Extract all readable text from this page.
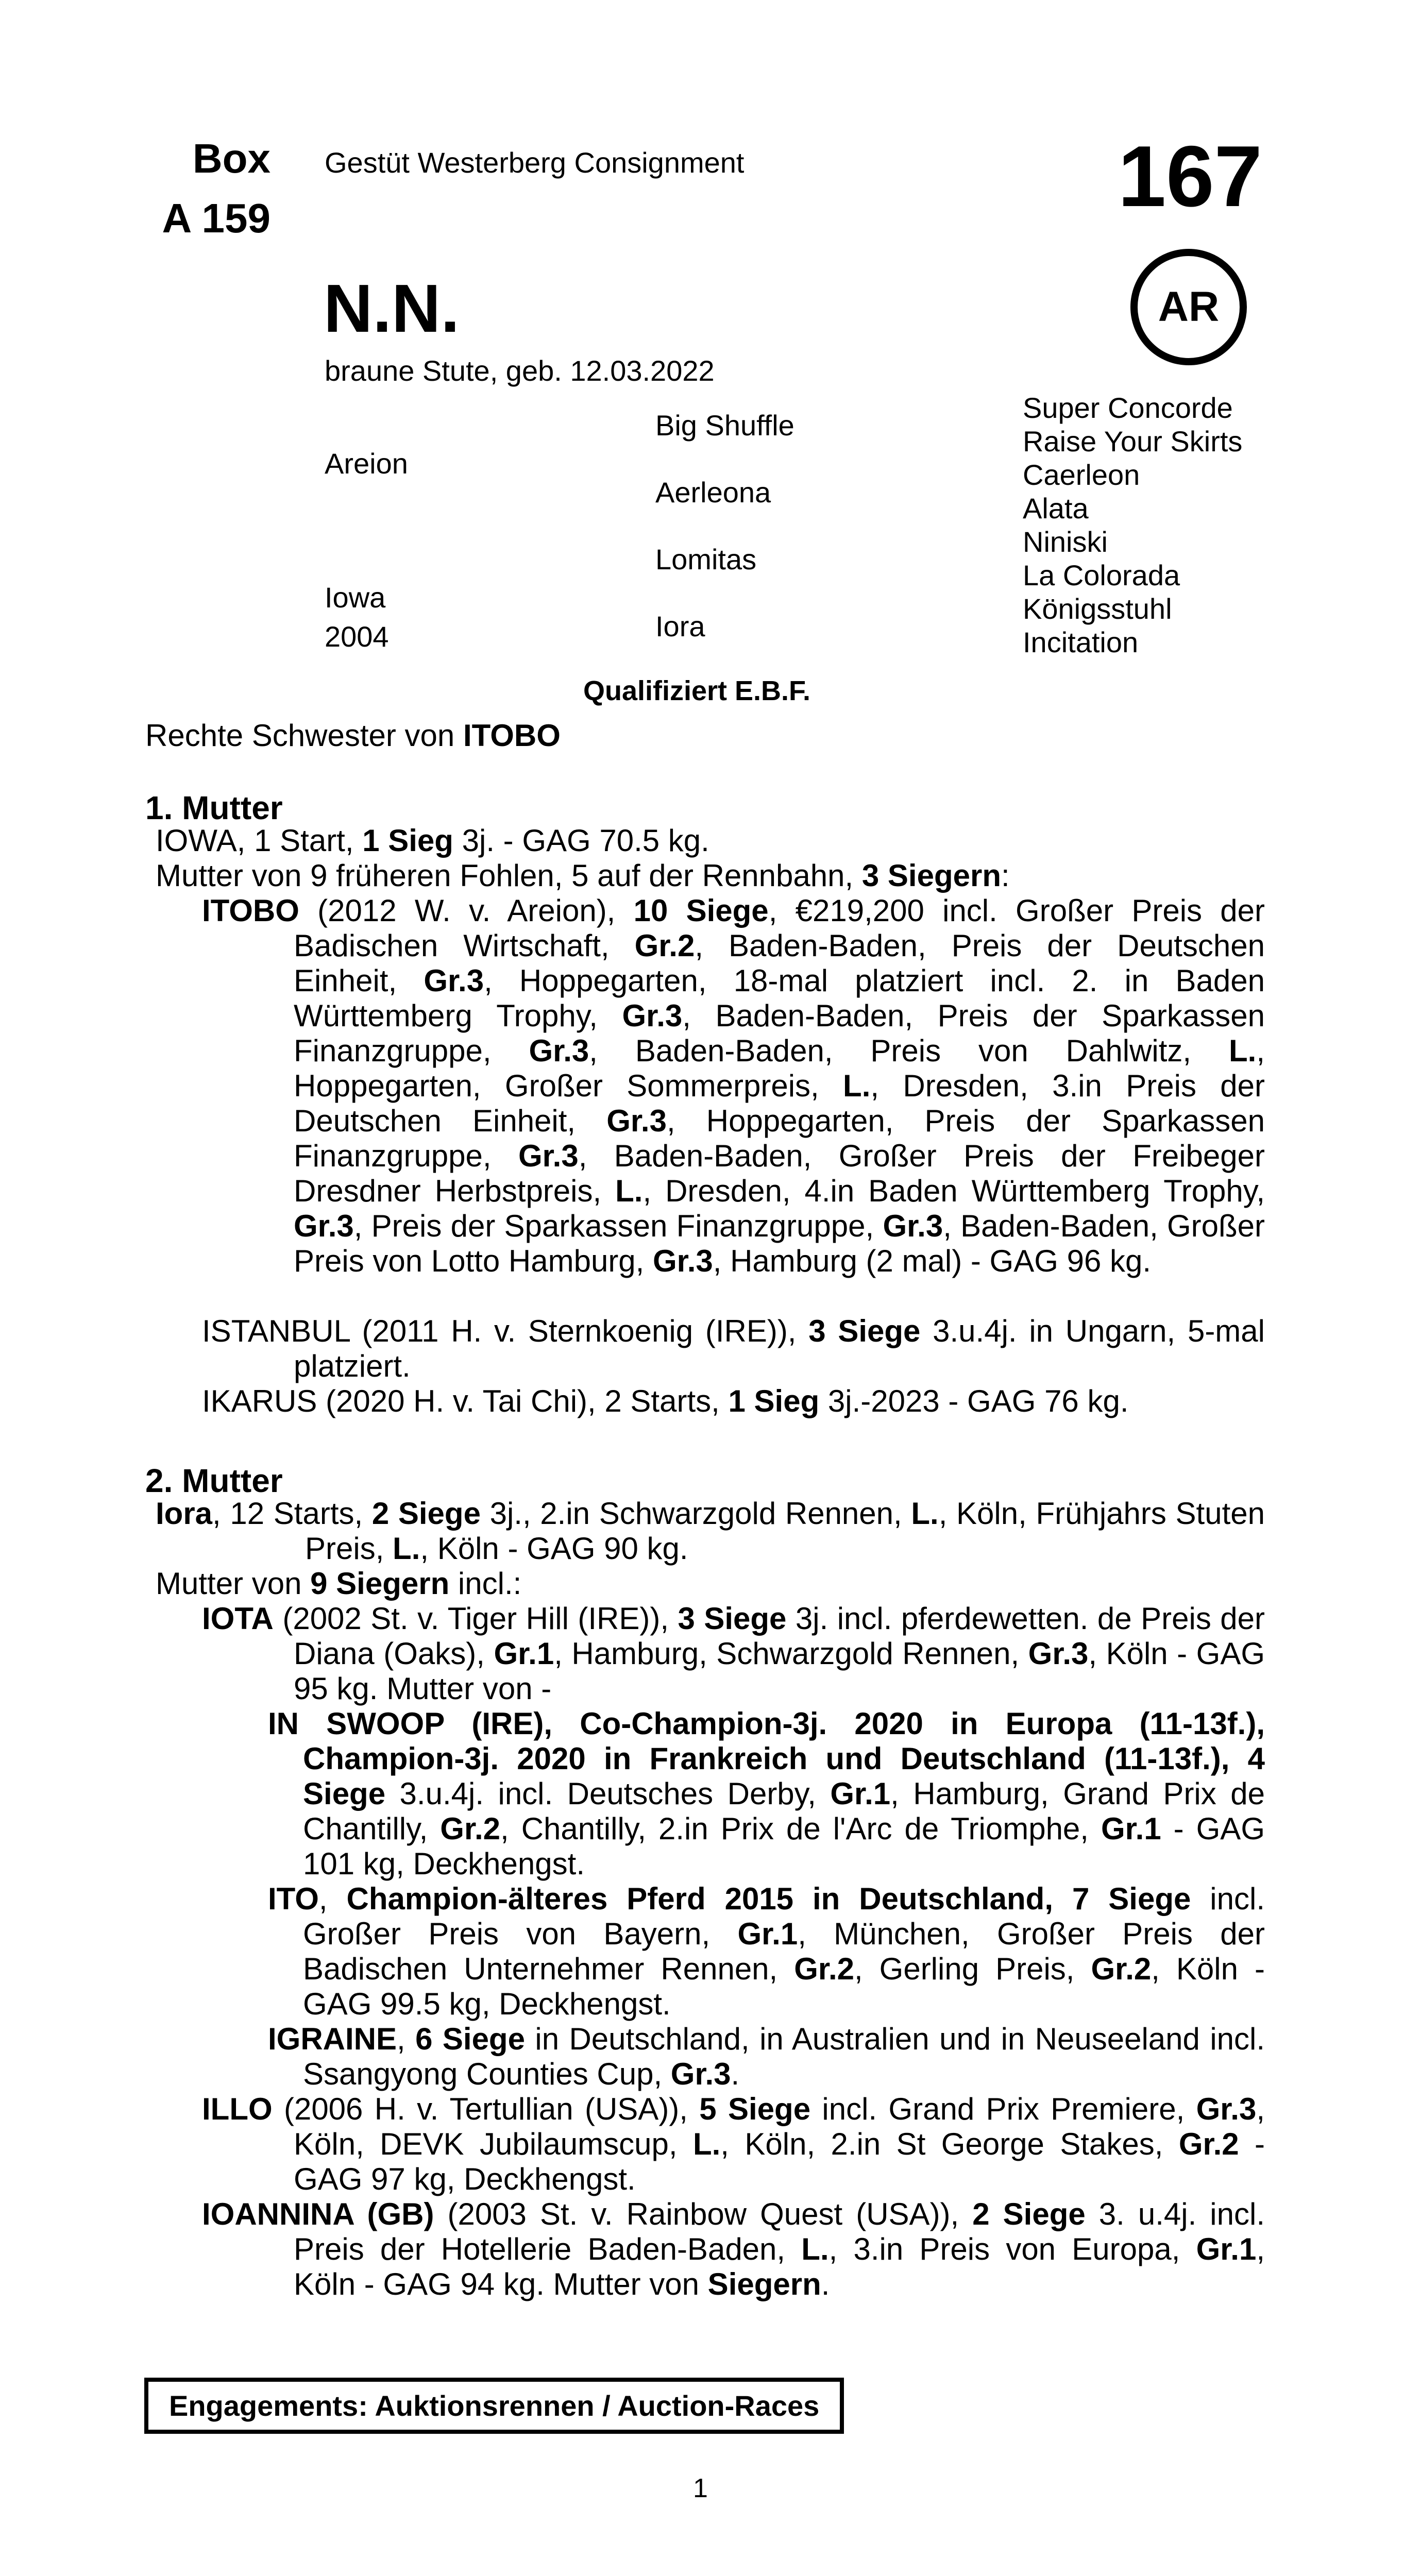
Box
A 159
Gestüt Westerberg Consignment	167
AR
N.N.
braune Stute, geb. 12.03.2022
Areion
Iowa
2004
Big Shuffle
Aerleona
Lomitas
Iora
Super Concorde
Raise Your Skirts
Caerleon
Alata
Niniski
La Colorada
Königsstuhl
Incitation
Qualifiziert E.B.F.
Rechte Schwester von ITOBO
1. Mutter
IOWA, 1 Start, 1 Sieg 3j. - GAG 70.5 kg.
Mutter von 9 früheren Fohlen, 5 auf der Rennbahn, 3 Siegern:
ITOBO (2012 W. v. Areion), 10 Siege, €219,200 incl. Großer Preis der Badischen Wirtschaft, Gr.2, Baden-Baden, Preis der Deutschen Einheit, Gr.3, Hoppegarten, 18-mal platziert incl. 2. in Baden Württemberg Trophy, Gr.3, Baden-Baden, Preis der Sparkassen Finanzgruppe, Gr.3, Baden-Baden, Preis von Dahlwitz, L., Hoppegarten, Großer Sommerpreis, L., Dresden, 3.in Preis der Deutschen Einheit, Gr.3, Hoppegarten, Preis der Sparkassen Finanzgruppe, Gr.3, Baden-Baden, Großer Preis der Freibeger Dresdner Herbstpreis, L., Dresden, 4.in Baden Württemberg Trophy, Gr.3, Preis der Sparkassen Finanzgruppe, Gr.3, Baden-Baden, Großer Preis von Lotto Hamburg, Gr.3, Hamburg (2 mal) - GAG 96 kg.
ISTANBUL (2011 H. v. Sternkoenig (IRE)), 3 Siege 3.u.4j. in Ungarn, 5-mal platziert.
IKARUS (2020 H. v. Tai Chi), 2 Starts, 1 Sieg 3j.-2023 - GAG 76 kg.
2. Mutter
Iora, 12 Starts, 2 Siege 3j., 2.in Schwarzgold Rennen, L., Köln, Frühjahrs Stuten Preis, L., Köln - GAG 90 kg.
Mutter von 9 Siegern incl.:
IOTA (2002 St. v. Tiger Hill (IRE)), 3 Siege 3j. incl. pferdewetten. de Preis der Diana (Oaks), Gr.1, Hamburg, Schwarzgold Rennen, Gr.3, Köln - GAG 95 kg. Mutter von -
IN SWOOP (IRE), Co-Champion-3j. 2020 in Europa (11-13f.), Champion-3j. 2020 in Frankreich und Deutschland (11-13f.), 4 Siege 3.u.4j. incl. Deutsches Derby, Gr.1, Hamburg, Grand Prix de Chantilly, Gr.2, Chantilly, 2.in Prix de l'Arc de Triomphe, Gr.1 - GAG 101 kg, Deckhengst.
ITO, Champion-älteres Pferd 2015 in Deutschland, 7 Siege incl. Großer Preis von Bayern, Gr.1, München, Großer Preis der Badischen Unternehmer Rennen, Gr.2, Gerling Preis, Gr.2, Köln - GAG 99.5 kg, Deckhengst.
IGRAINE, 6 Siege in Deutschland, in Australien und in Neuseeland incl. Ssangyong Counties Cup, Gr.3.
ILLO (2006 H. v. Tertullian (USA)), 5 Siege incl. Grand Prix Premiere, Gr.3, Köln, DEVK Jubilaumscup, L., Köln, 2.in St George Stakes, Gr.2 - GAG 97 kg, Deckhengst.
IOANNINA (GB) (2003 St. v. Rainbow Quest (USA)), 2 Siege 3. u.4j. incl. Preis der Hotellerie Baden-Baden, L., 3.in Preis von Europa, Gr.1, Köln - GAG 94 kg. Mutter von Siegern.
Engagements: Auktionsrennen / Auction-Races
1
